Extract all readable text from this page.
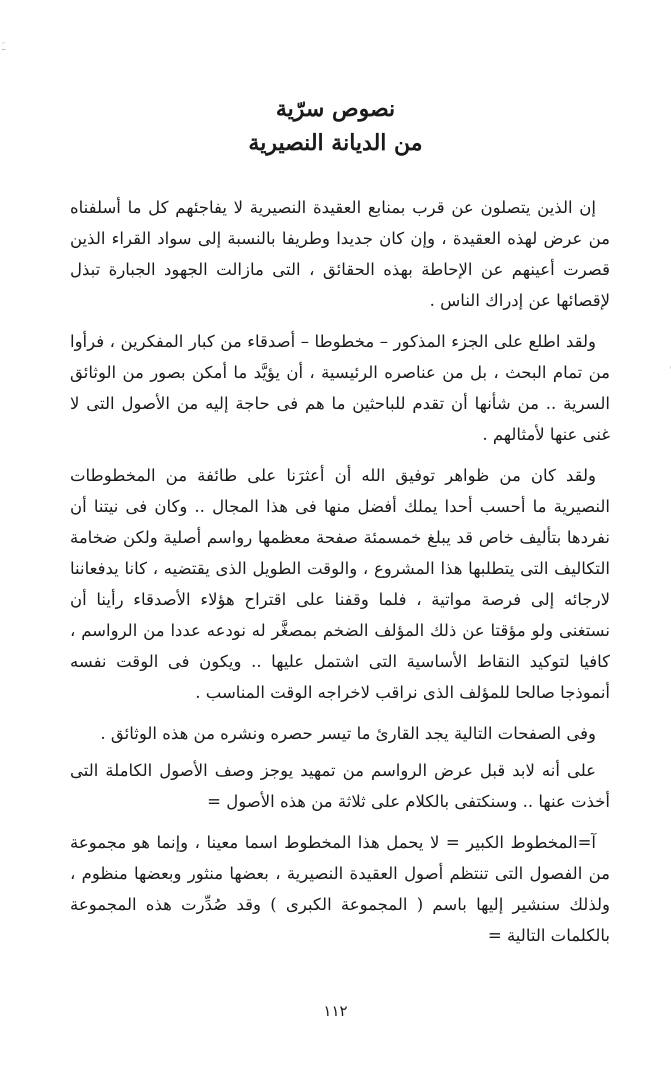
ـَ

نصوص سرّية

من الديانة النصيرية

إن الذين يتصلون عن قرب بمنابع العقيدة النصيرية لا يفاجئهم كل ما أسلفناه من عرض لهذه العقيدة ، وإن كان جديدا وطريفا بالنسبة إلى سواد القراء الذين قصرت أعينهم عن الإحاطة بهذه الحقائق ، التى مازالت الجهود الجبارة تبذل لإقصائها عن إدراك الناس .

ولقد اطلع على الجزء المذكور – مخطوطا – أصدقاء من كبار المفكرين ، فرأوا من تمام البحث ، بل من عناصره الرئيسية ، أن يؤيَّد ما أمكن بصور من الوثائق السرية .. من شأنها أن تقدم للباحثين ما هم فى حاجة إليه من الأصول التى لا غنى عنها لأمثالهم .

ولقد كان من ظواهر توفيق الله أن أعثرَنا على طائفة من المخطوطات النصيرية ما أحسب أحدا يملك أفضل منها فى هذا المجال .. وكان فى نيتنا أن نفردها بتأليف خاص قد يبلغ خمسمئة صفحة معظمها رواسم أصلية ولكن ضخامة التكاليف التى يتطلبها هذا المشروع ، والوقت الطويل الذى يقتضيه ، كانا يدفعاننا لارجائه إلى فرصة مواتية ، فلما وقفنا على اقتراح هؤلاء الأصدقاء رأينا أن نستغنى ولو مؤقتا عن ذلك المؤلف الضخم بمصغَّر له نودعه عددا من الرواسم ، كافيا لتوكيد النقاط الأساسية التى اشتمل عليها .. ويكون فى الوقت نفسه أنموذجا صالحا للمؤلف الذى نراقب لاخراجه الوقت المناسب .

وفى الصفحات التالية يجد القارئ ما تيسر حصره ونشره من هذه الوثائق .

على أنه لابد قبل عرض الرواسم من تمهيد يوجز وصف الأصول الكاملة التى أخذت عنها .. وسنكتفى بالكلام على ثلاثة من هذه الأصول =

آ=المخطوط الكبير = لا يحمل هذا المخطوط اسما معينا ، وإنما هو مجموعة من الفصول التى تنتظم أصول العقيدة النصيرية ، بعضها منثور وبعضها منظوم ، ولذلك سنشير إليها باسم ( المجموعة الكبرى ) وقد صُدِّرت هذه المجموعة بالكلمات التالية =

١١٢
